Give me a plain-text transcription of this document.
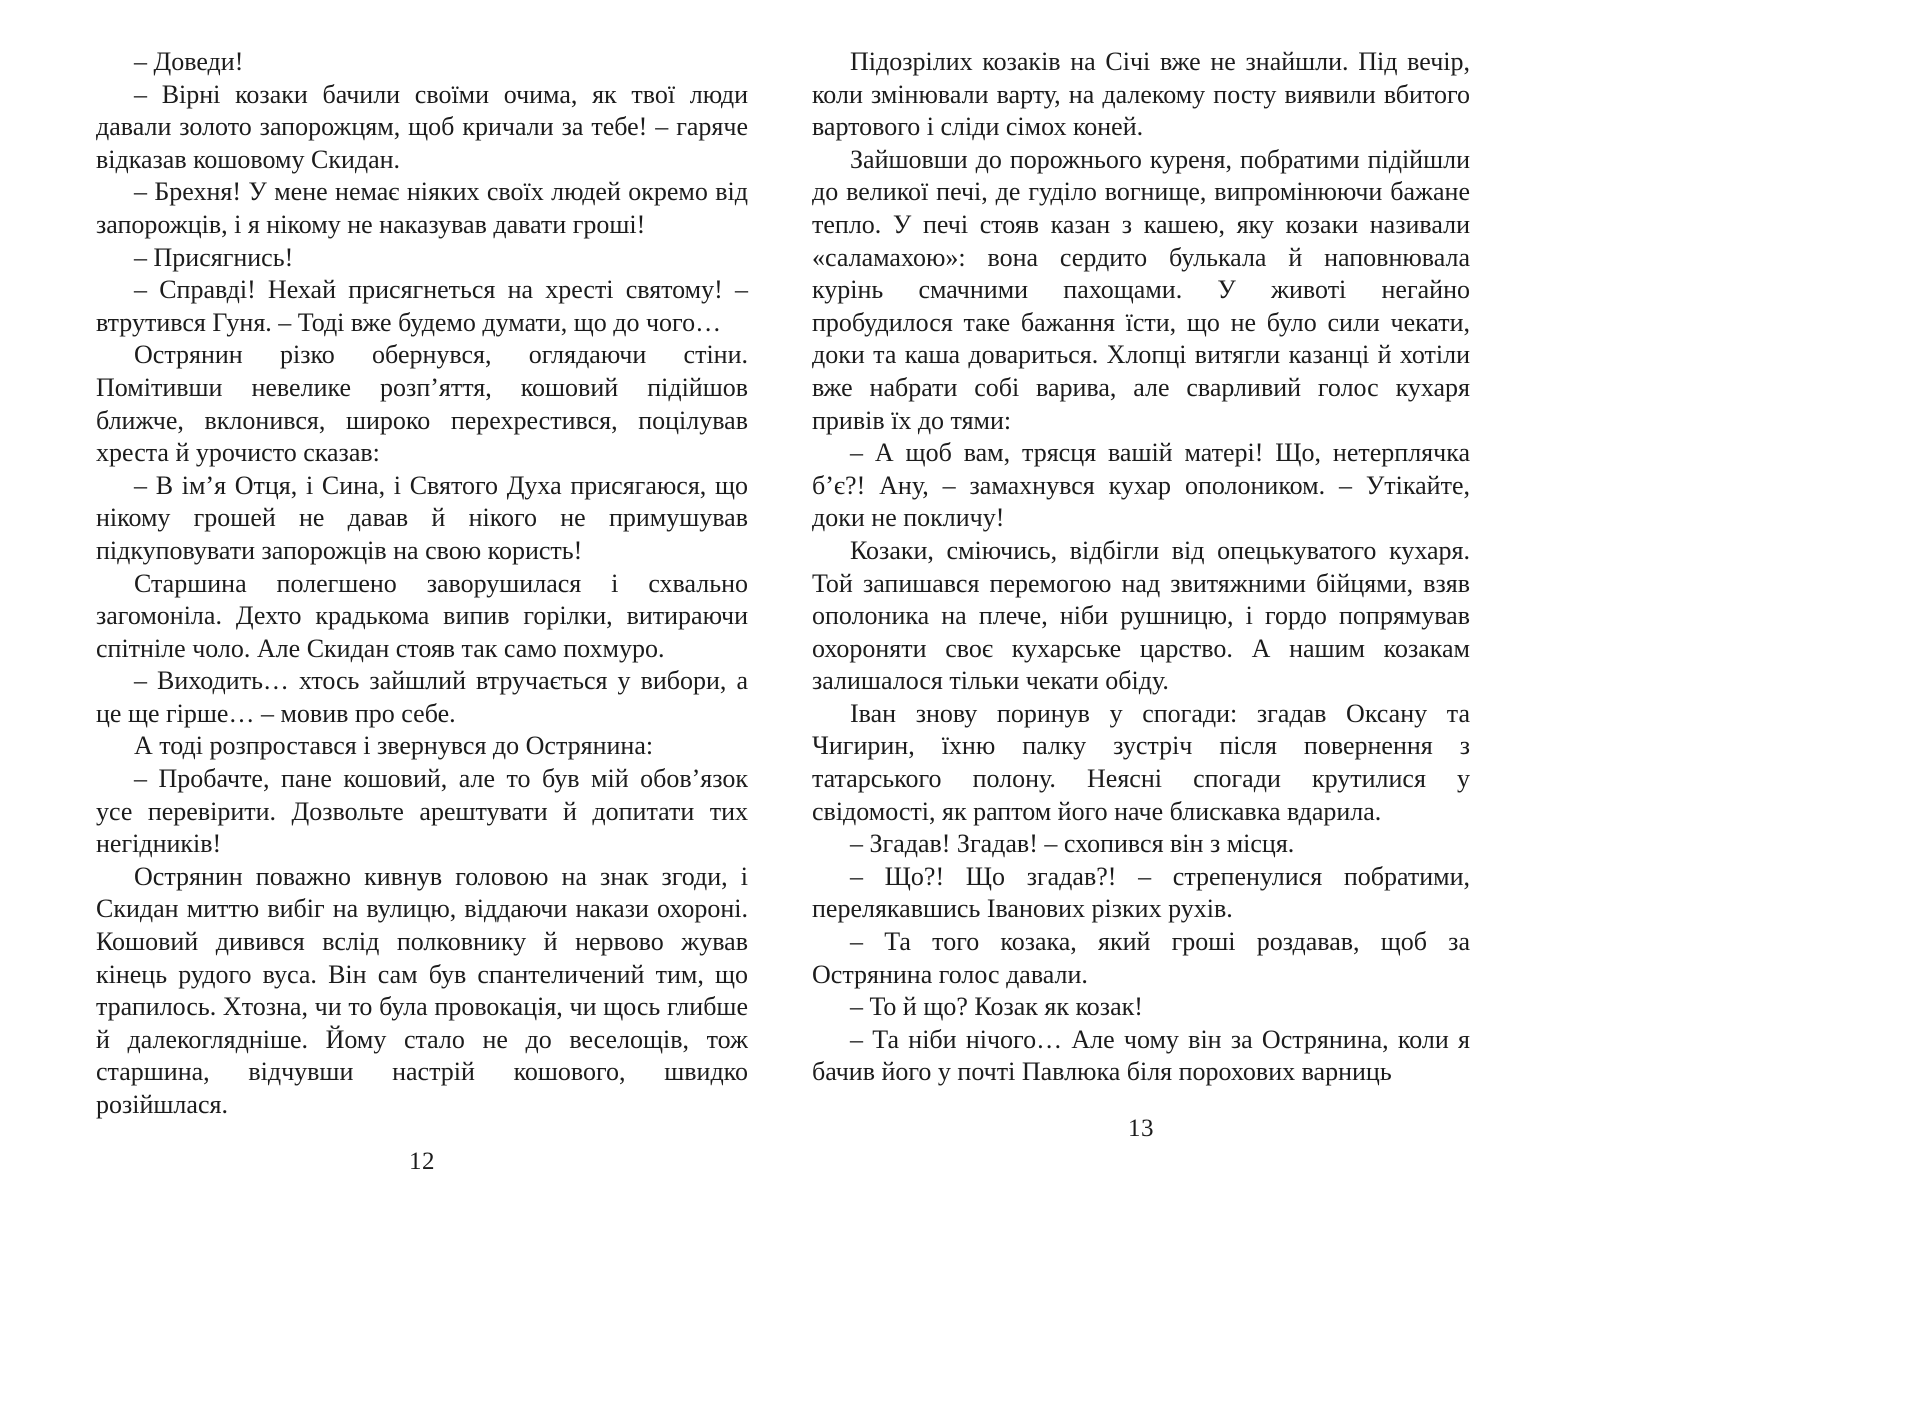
– Доведи!

– Вірні козаки бачили своїми очима, як твої люди давали золото запорожцям, щоб кричали за тебе! – гаряче відказав кошовому Скидан.

– Брехня! У мене немає ніяких своїх людей окремо від запорожців, і я нікому не наказував давати гроші!

– Присягнись!

– Справді! Нехай присягнеться на хресті святому! – втрутився Гуня. – Тоді вже будемо думати, що до чого…

Острянин різко обернувся, оглядаючи стіни. Помітивши невелике розп’яття, кошовий підійшов ближче, вклонився, широко перехрестився, поцілував хреста й урочисто сказав:

– В ім’я Отця, і Сина, і Святого Духа присягаюся, що нікому грошей не давав й нікого не примушував підкуповувати запорожців на свою користь!

Старшина полегшено заворушилася і схвально загомоніла. Дехто крадькома випив горілки, витираючи спітніле чоло. Але Скидан стояв так само похмуро.

– Виходить… хтось зайшлий втручається у вибори, а це ще гірше… – мовив про себе.

А тоді розпростався і звернувся до Острянина:

– Пробачте, пане кошовий, але то був мій обов’язок усе перевірити. Дозвольте арештувати й допитати тих негідників!

Острянин поважно кивнув головою на знак згоди, і Скидан миттю вибіг на вулицю, віддаючи накази охороні. Кошовий дивився вслід полковнику й нервово жував кінець рудого вуса. Він сам був спантеличений тим, що трапилось. Хтозна, чи то була провокація, чи щось глибше й далекоглядніше. Йому стало не до веселощів, тож старшина, відчувши настрій кошового, швидко розійшлася.

12

Підозрілих козаків на Січі вже не знайшли. Під вечір, коли змінювали варту, на далекому посту виявили вбитого вартового і сліди сімох коней.

Зайшовши до порожнього куреня, побратими підійшли до великої печі, де гуділо вогнище, випромінюючи бажане тепло. У печі стояв казан з кашею, яку козаки називали «саламахою»: вона сердито булькала й наповнювала курінь смачними пахощами. У животі негайно пробудилося таке бажання їсти, що не було сили чекати, доки та каша довариться. Хлопці витягли казанці й хотіли вже набрати собі варива, але сварливий голос кухаря привів їх до тями:

– А щоб вам, трясця вашій матері! Що, нетерплячка б’є?! Ану, – замахнувся кухар ополоником. – Утікайте, доки не покличу!

Козаки, сміючись, відбігли від опецькуватого кухаря. Той запишався перемогою над звитяжними бійцями, взяв ополоника на плече, ніби рушницю, і гордо попрямував охороняти своє кухарське царство. А нашим козакам залишалося тільки чекати обіду.

Іван знову поринув у спогади: згадав Оксану та Чигирин, їхню палку зустріч після повернення з татарського полону. Неясні спогади крутилися у свідомості, як раптом його наче блискавка вдарила.

– Згадав! Згадав! – схопився він з місця.

– Що?! Що згадав?! – стрепенулися побратими, перелякавшись Іванових різких рухів.

– Та того козака, який гроші роздавав, щоб за Острянина голос давали.

– То й що? Козак як козак!

– Та ніби нічого… Але чому він за Острянина, коли я бачив його у почті Павлюка біля порохових варниць

13
